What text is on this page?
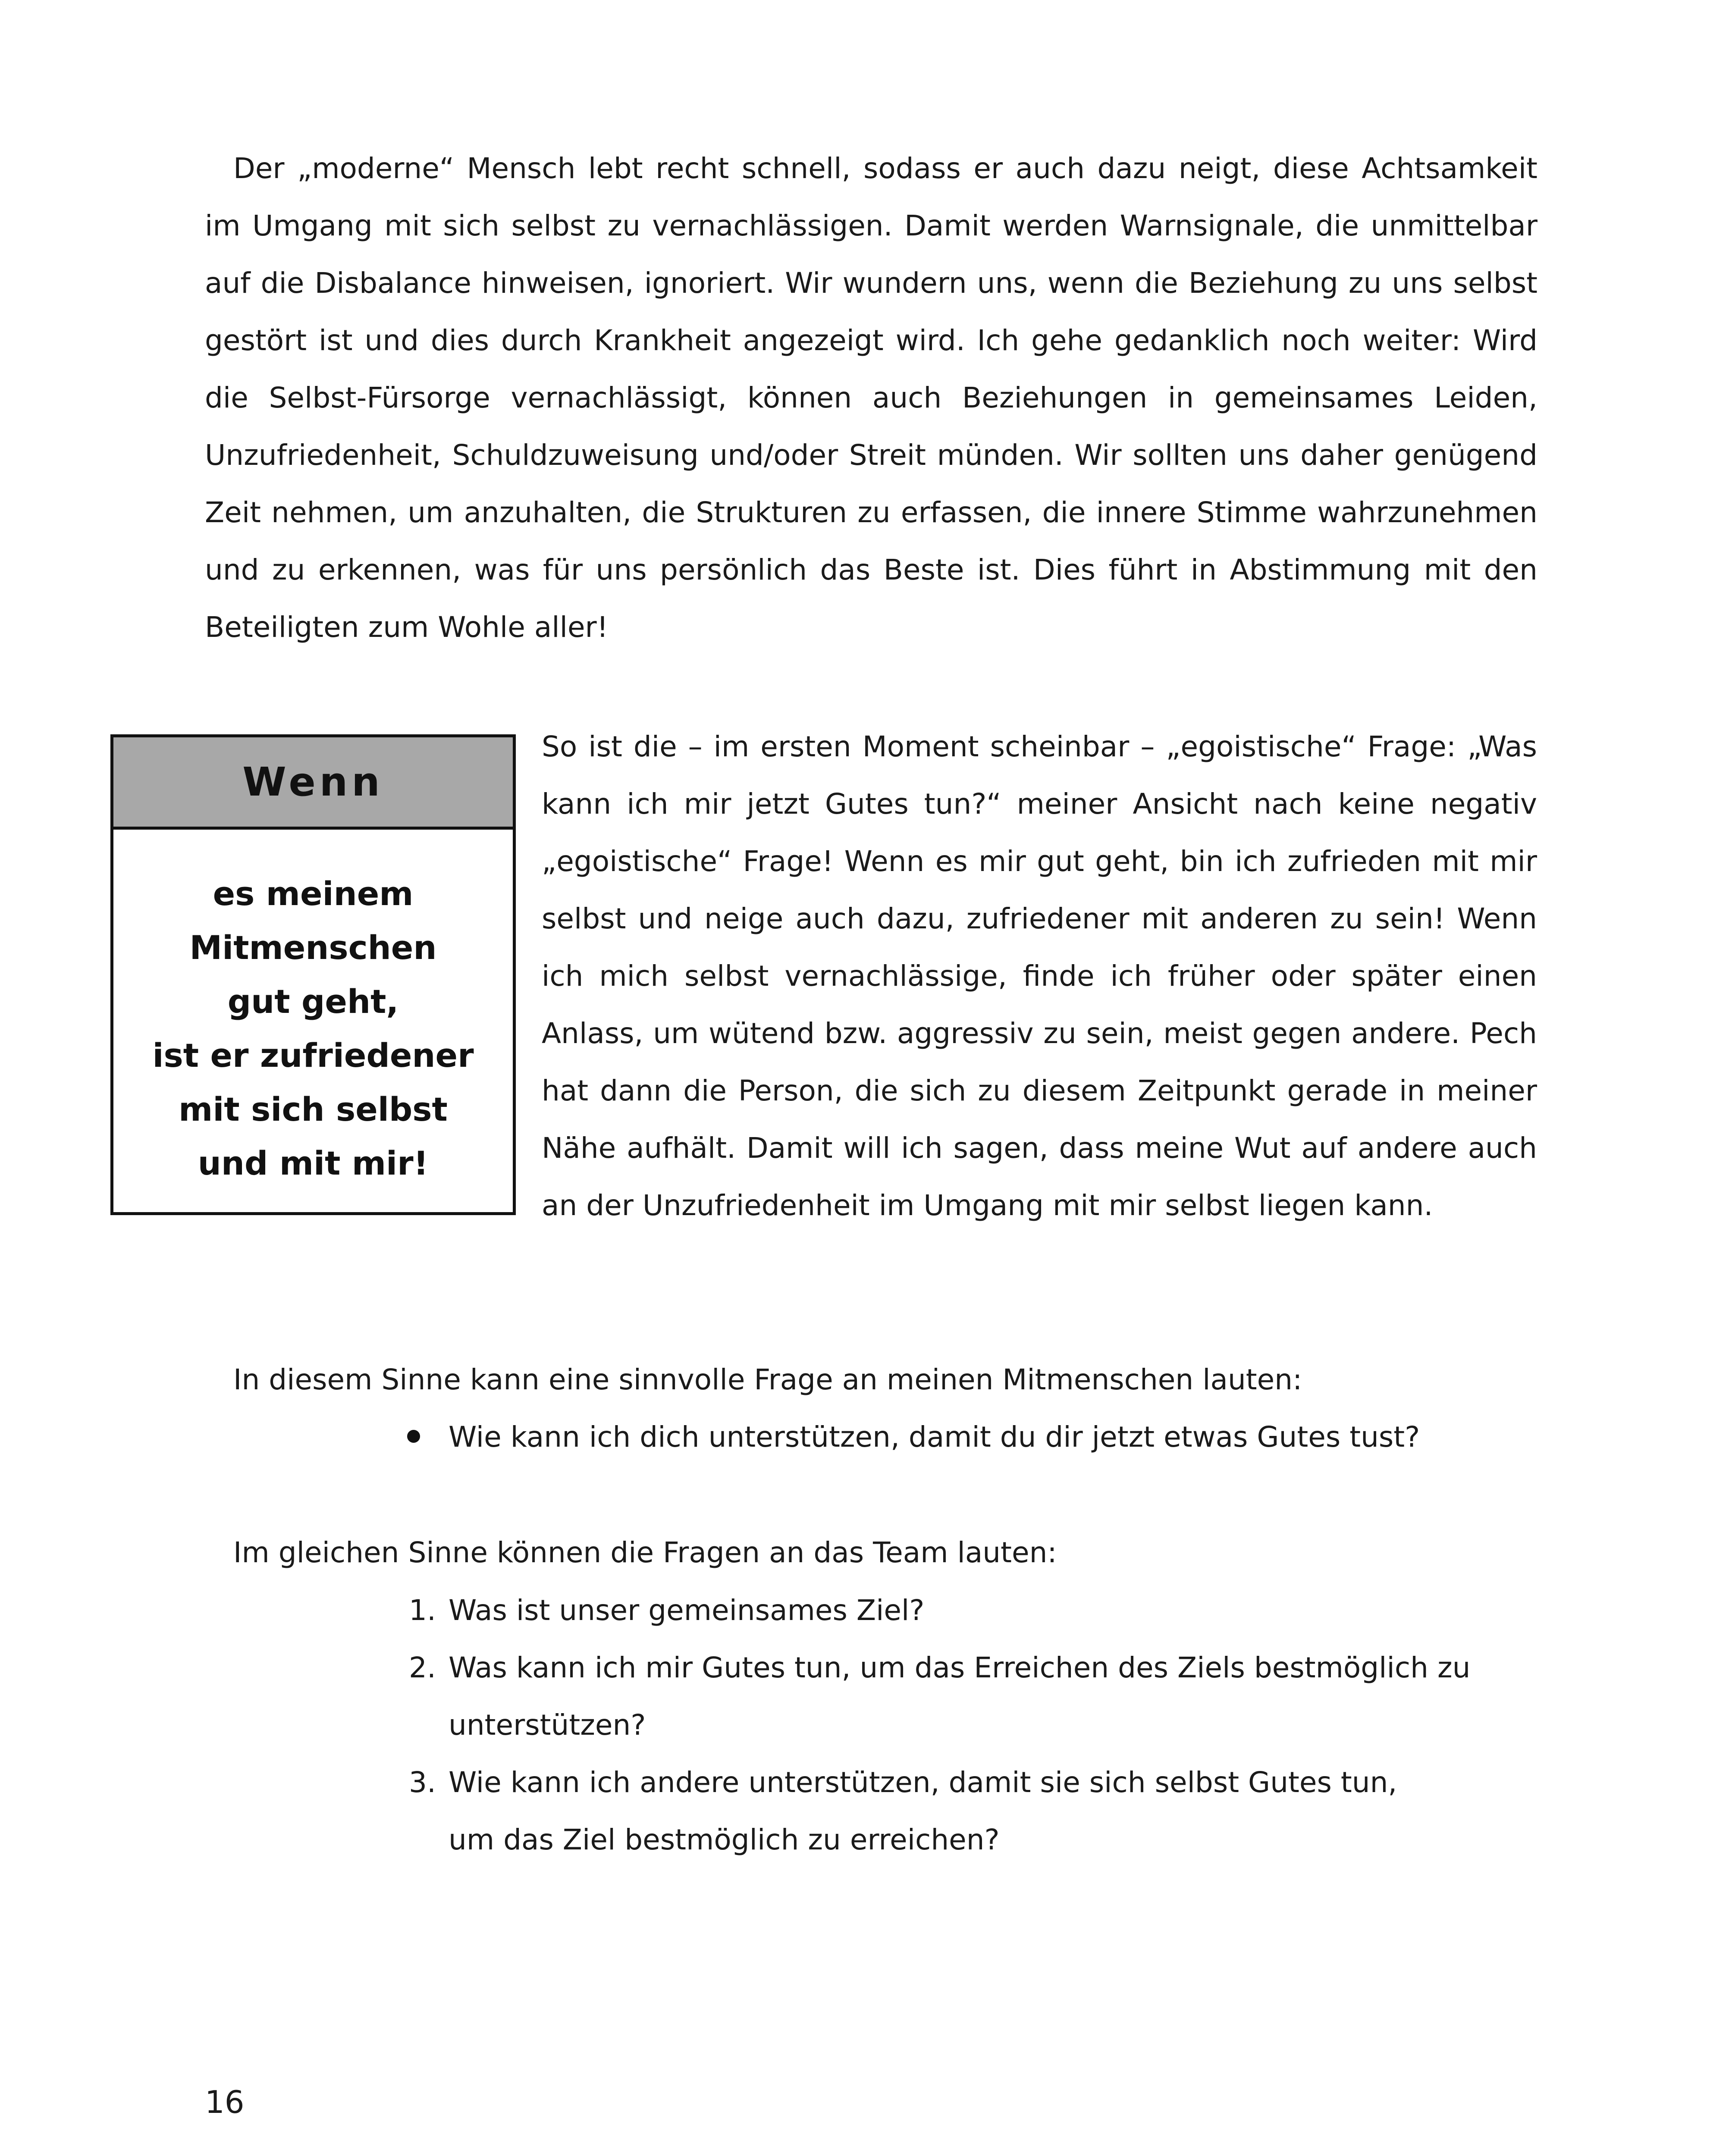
Der „moderne“ Mensch lebt recht schnell, sodass er auch dazu neigt, diese Achtsamkeit im Umgang mit sich selbst zu vernachlässigen. Damit werden Warnsignale, die unmittelbar auf die Disbalance hinweisen, ignoriert. Wir wundern uns, wenn die Beziehung zu uns selbst gestört ist und dies durch Krankheit angezeigt wird. Ich gehe gedanklich noch weiter: Wird die Selbst-Fürsorge vernachlässigt, können auch Beziehungen in gemeinsames Leiden, Unzufriedenheit, Schuldzuweisung und/oder Streit münden. Wir sollten uns daher genügend Zeit nehmen, um anzuhalten, die Strukturen zu erfassen, die innere Stimme wahrzunehmen und zu erkennen, was für uns persönlich das Beste ist. Dies führt in Abstimmung mit den Beteiligten zum Wohle aller!

Wenn
es meinem
Mitmenschen
gut geht,
ist er zufriedener
mit sich selbst
und mit mir!

So ist die – im ersten Moment scheinbar – „egoistische“ Frage: „Was kann ich mir jetzt Gutes tun?“ meiner Ansicht nach keine negativ „egoistische“ Frage! Wenn es mir gut geht, bin ich zufrieden mit mir selbst und neige auch dazu, zufriedener mit anderen zu sein! Wenn ich mich selbst vernachlässige, finde ich früher oder später einen Anlass, um wütend bzw. aggressiv zu sein, meist gegen andere. Pech hat dann die Person, die sich zu diesem Zeitpunkt gerade in meiner Nähe aufhält. Damit will ich sagen, dass meine Wut auf andere auch an der Unzufriedenheit im Umgang mit mir selbst liegen kann.

In diesem Sinne kann eine sinnvolle Frage an meinen Mitmenschen lauten:

Wie kann ich dich unterstützen, damit du dir jetzt etwas Gutes tust?

Im gleichen Sinne können die Fragen an das Team lauten:

1. Was ist unser gemeinsames Ziel?
2. Was kann ich mir Gutes tun, um das Erreichen des Ziels bestmöglich zu
unterstützen?
3. Wie kann ich andere unterstützen, damit sie sich selbst Gutes tun,
um das Ziel bestmöglich zu erreichen?
16
